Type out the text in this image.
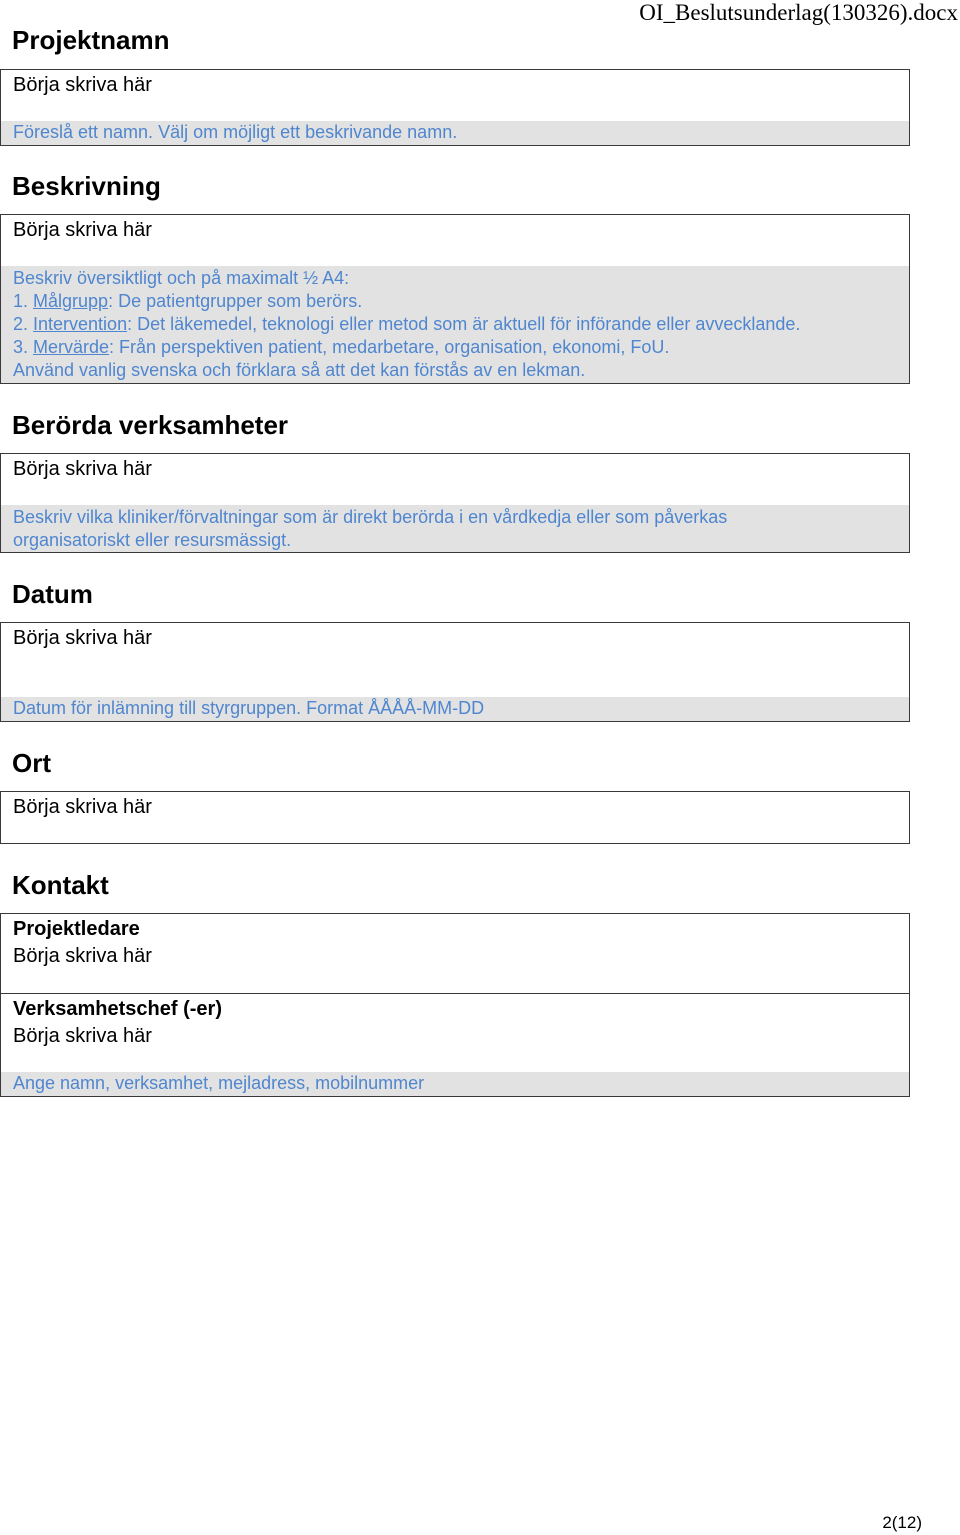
OI_Beslutsunderlag(130326).docx
Projektnamn
Börja skriva här
Föreslå ett namn. Välj om möjligt ett beskrivande namn.
Beskrivning
Börja skriva här
Beskriv översiktligt och på maximalt ½ A4:
1. Målgrupp: De patientgrupper som berörs.
2. Intervention: Det läkemedel, teknologi eller metod som är aktuell för införande eller avvecklande.
3. Mervärde: Från perspektiven patient, medarbetare, organisation, ekonomi, FoU.
Använd vanlig svenska och förklara så att det kan förstås av en lekman.
Berörda verksamheter
Börja skriva här
Beskriv vilka kliniker/förvaltningar som är direkt berörda i en vårdkedja eller som påverkas
organisatoriskt eller resursmässigt.
Datum
Börja skriva här
Datum för inlämning till styrgruppen. Format ÅÅÅÅ-MM-DD
Ort
Börja skriva här
Kontakt
Projektledare
Börja skriva här
Verksamhetschef (-er)
Börja skriva här
Ange namn, verksamhet, mejladress, mobilnummer
2(12)
